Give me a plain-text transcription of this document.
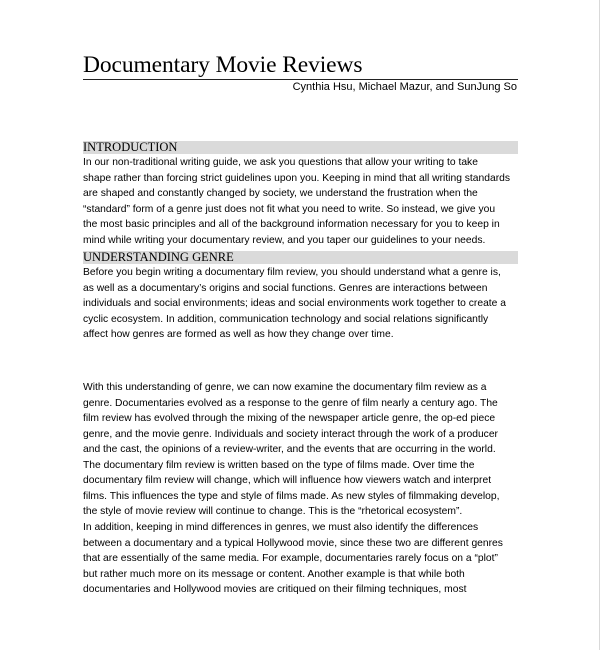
Documentary Movie Reviews
Cynthia Hsu, Michael Mazur, and SunJung So
INTRODUCTION
In our non-traditional writing guide, we ask you questions that allow your writing to take
shape rather than forcing strict guidelines upon you. Keeping in mind that all writing standards
are shaped and constantly changed by society, we understand the frustration when the
“standard” form of a genre just does not fit what you need to write. So instead, we give you
the most basic principles and all of the background information necessary for you to keep in
mind while writing your documentary review, and you taper our guidelines to your needs.
UNDERSTANDING GENRE
Before you begin writing a documentary film review, you should understand what a genre is,
as well as a documentary’s origins and social functions. Genres are interactions between
individuals and social environments; ideas and social environments work together to create a
cyclic ecosystem. In addition, communication technology and social relations significantly
affect how genres are formed as well as how they change over time.
With this understanding of genre, we can now examine the documentary film review as a
genre. Documentaries evolved as a response to the genre of film nearly a century ago. The
film review has evolved through the mixing of the newspaper article genre, the op-ed piece
genre, and the movie genre. Individuals and society interact through the work of a producer
and the cast, the opinions of a review-writer, and the events that are occurring in the world.
The documentary film review is written based on the type of films made. Over time the
documentary film review will change, which will influence how viewers watch and interpret
films. This influences the type and style of films made. As new styles of filmmaking develop,
the style of movie review will continue to change. This is the “rhetorical ecosystem”.
In addition, keeping in mind differences in genres, we must also identify the differences
between a documentary and a typical Hollywood movie, since these two are different genres
that are essentially of the same media. For example, documentaries rarely focus on a “plot”
but rather much more on its message or content. Another example is that while both
documentaries and Hollywood movies are critiqued on their filming techniques, most
